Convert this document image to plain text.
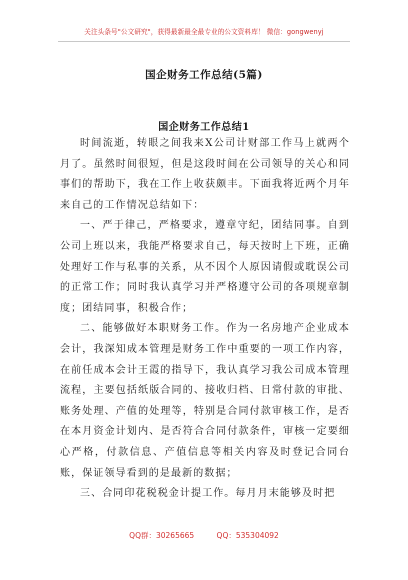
关注头条号"公文研究"，获得最新最全最专业的公文资料库！ 微信：gongwenyj
国企财务工作总结(5篇)
国企财务工作总结1

时间流逝，转眼之间我来X公司计财部工作马上就两个月了。虽然时间很短，但是这段时间在公司领导的关心和同事们的帮助下，我在工作上收获颇丰。下面我将近两个月年来自己的工作情况总结如下：

一、严于律己，严格要求，遵章守纪，团结同事。自到公司上班以来，我能严格要求自己，每天按时上下班，正确处理好工作与私事的关系，从不因个人原因请假或耽误公司的正常工作；同时我认真学习并严格遵守公司的各项规章制度；团结同事，积极合作；

二、能够做好本职财务工作。作为一名房地产企业成本会计，我深知成本管理是财务工作中重要的一项工作内容，在前任成本会计王霞的指导下，我认真学习我公司成本管理流程，主要包括纸版合同的、接收归档、日常付款的审批、账务处理、产值的处理等，特别是合同付款审核工作，是否在本月资金计划内、是否符合合同付款条件，审核一定要细心严格，付款信息、产值信息等相关内容及时登记合同台账，保证领导看到的是最新的数据；

三、合同印花税税金计提工作。每月月末能够及时把

QQ群：30265665	QQ：535304092
